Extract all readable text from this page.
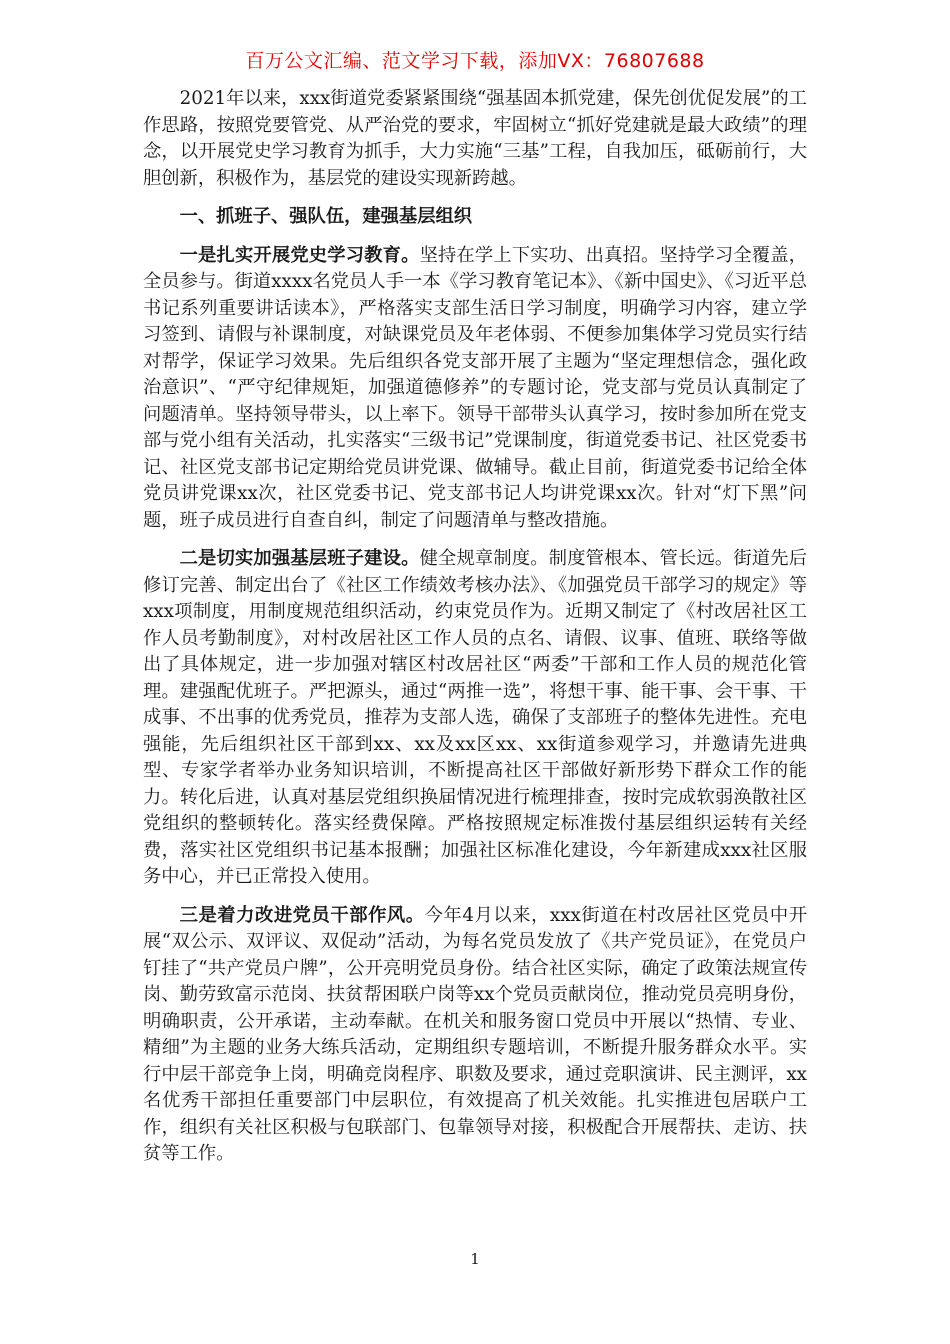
百万公文汇编、范文学习下载，添加VX：76807688

2021年以来，xxx街道党委紧紧围绕“强基固本抓党建，保先创优促发展”的工作思路，按照党要管党、从严治党的要求，牢固树立“抓好党建就是最大政绩”的理念，以开展党史学习教育为抓手，大力实施“三基”工程，自我加压，砥砺前行，大胆创新，积极作为，基层党的建设实现新跨越。

一、抓班子、强队伍，建强基层组织

一是扎实开展党史学习教育。坚持在学上下实功、出真招。坚持学习全覆盖，全员参与。街道xxxx名党员人手一本《学习教育笔记本》、《新中国史》、《习近平总书记系列重要讲话读本》，严格落实支部生活日学习制度，明确学习内容，建立学习签到、请假与补课制度，对缺课党员及年老体弱、不便参加集体学习党员实行结对帮学，保证学习效果。先后组织各党支部开展了主题为“坚定理想信念，强化政治意识”、“严守纪律规矩，加强道德修养”的专题讨论，党支部与党员认真制定了问题清单。坚持领导带头，以上率下。领导干部带头认真学习，按时参加所在党支部与党小组有关活动，扎实落实“三级书记”党课制度，街道党委书记、社区党委书记、社区党支部书记定期给党员讲党课、做辅导。截止目前，街道党委书记给全体党员讲党课xx次，社区党委书记、党支部书记人均讲党课xx次。针对“灯下黑”问题，班子成员进行自查自纠，制定了问题清单与整改措施。

二是切实加强基层班子建设。健全规章制度。制度管根本、管长远。街道先后修订完善、制定出台了《社区工作绩效考核办法》、《加强党员干部学习的规定》等xxx项制度，用制度规范组织活动，约束党员作为。近期又制定了《村改居社区工作人员考勤制度》，对村改居社区工作人员的点名、请假、议事、值班、联络等做出了具体规定，进一步加强对辖区村改居社区“两委”干部和工作人员的规范化管理。建强配优班子。严把源头，通过“两推一选”，将想干事、能干事、会干事、干成事、不出事的优秀党员，推荐为支部人选，确保了支部班子的整体先进性。充电强能，先后组织社区干部到xx、xx及xx区xx、xx街道参观学习，并邀请先进典型、专家学者举办业务知识培训，不断提高社区干部做好新形势下群众工作的能力。转化后进，认真对基层党组织换届情况进行梳理排查，按时完成软弱涣散社区党组织的整顿转化。落实经费保障。严格按照规定标准拨付基层组织运转有关经费，落实社区党组织书记基本报酬；加强社区标准化建设，今年新建成xxx社区服务中心，并已正常投入使用。

三是着力改进党员干部作风。今年4月以来，xxx街道在村改居社区党员中开展“双公示、双评议、双促动”活动，为每名党员发放了《共产党员证》，在党员户钉挂了“共产党员户牌”，公开亮明党员身份。结合社区实际，确定了政策法规宣传岗、勤劳致富示范岗、扶贫帮困联户岗等xx个党员贡献岗位，推动党员亮明身份，明确职责，公开承诺，主动奉献。在机关和服务窗口党员中开展以“热情、专业、精细”为主题的业务大练兵活动，定期组织专题培训，不断提升服务群众水平。实行中层干部竞争上岗，明确竞岗程序、职数及要求，通过竞职演讲、民主测评，xx名优秀干部担任重要部门中层职位，有效提高了机关效能。扎实推进包居联户工作，组织有关社区积极与包联部门、包靠领导对接，积极配合开展帮扶、走访、扶贫等工作。

1
